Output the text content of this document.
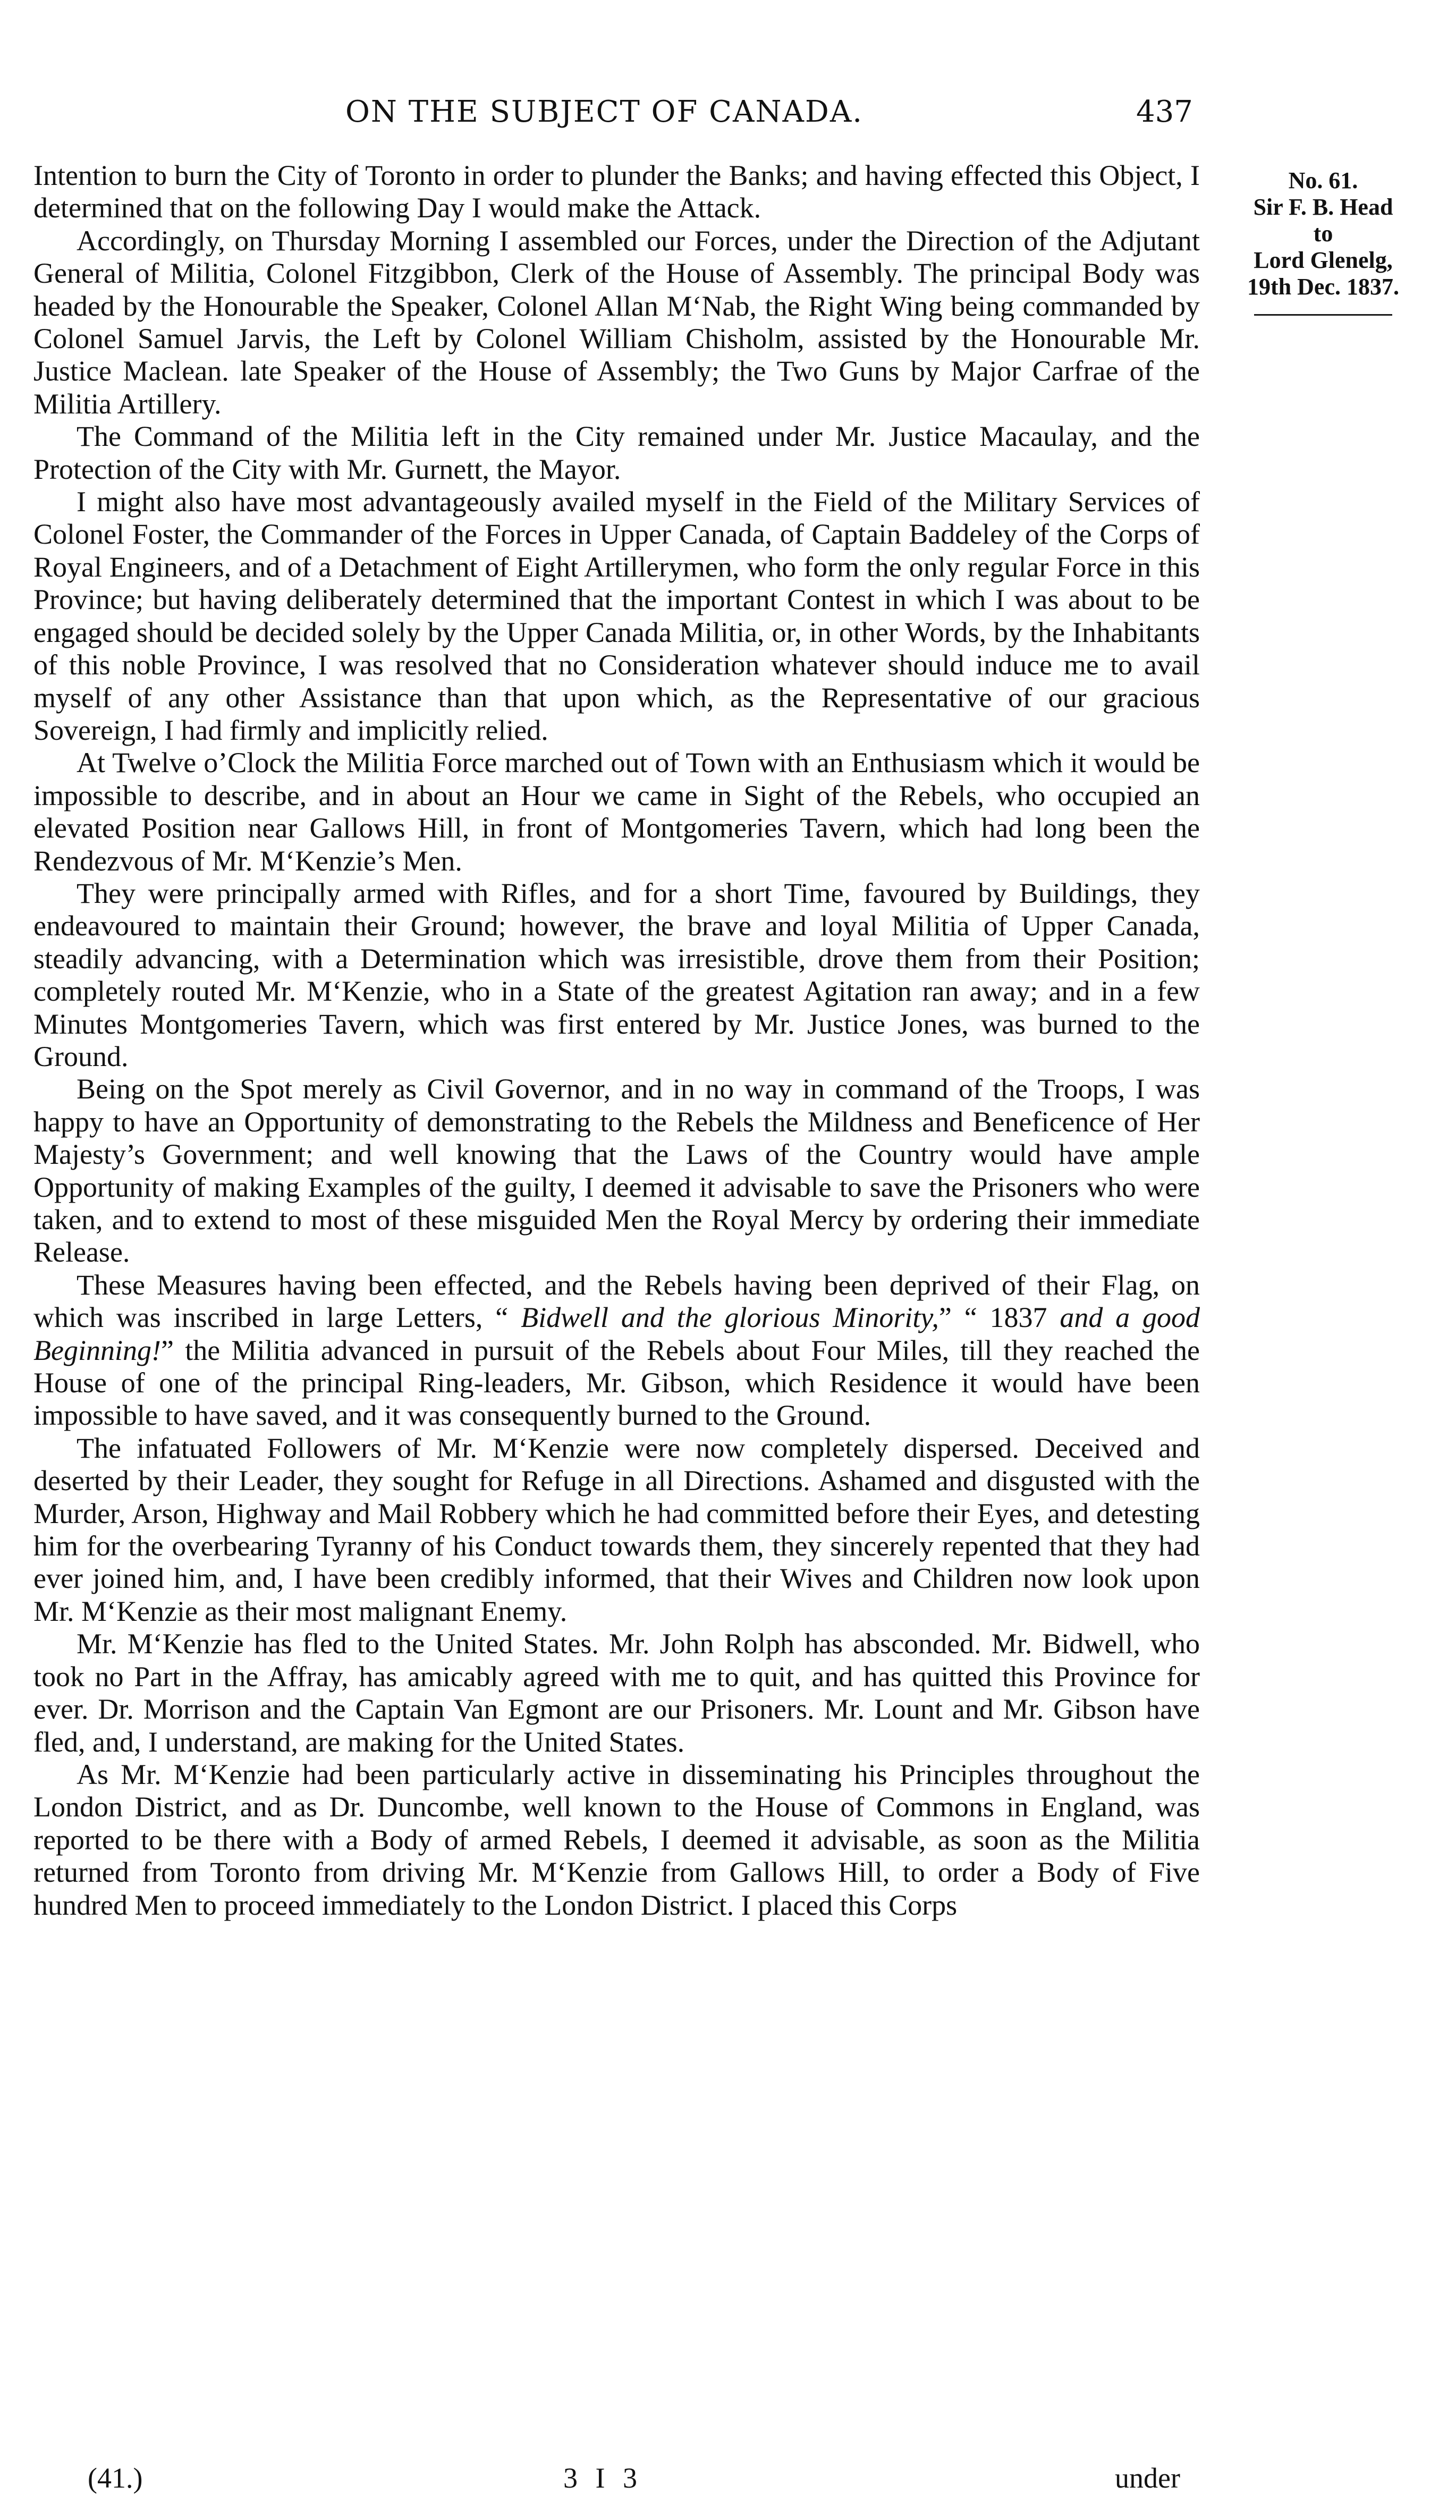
ON THE SUBJECT OF CANADA.	437

Intention to burn the City of Toronto in order to plunder the Banks; and having effected this Object, I determined that on the following Day I would make the Attack.

Accordingly, on Thursday Morning I assembled our Forces, under the Direction of the Adjutant General of Militia, Colonel Fitzgibbon, Clerk of the House of Assembly. The principal Body was headed by the Honourable the Speaker, Colonel Allan M‘Nab, the Right Wing being commanded by Colonel Samuel Jarvis, the Left by Colonel William Chisholm, assisted by the Honourable Mr. Justice Maclean. late Speaker of the House of Assembly; the Two Guns by Major Carfrae of the Militia Artillery.

The Command of the Militia left in the City remained under Mr. Justice Macaulay, and the Protection of the City with Mr. Gurnett, the Mayor.

I might also have most advantageously availed myself in the Field of the Military Services of Colonel Foster, the Commander of the Forces in Upper Canada, of Captain Baddeley of the Corps of Royal Engineers, and of a Detachment of Eight Artillerymen, who form the only regular Force in this Province; but having deliberately determined that the important Contest in which I was about to be engaged should be decided solely by the Upper Canada Militia, or, in other Words, by the Inhabitants of this noble Province, I was resolved that no Consideration whatever should induce me to avail myself of any other Assistance than that upon which, as the Representative of our gracious Sovereign, I had firmly and implicitly relied.

At Twelve o’Clock the Militia Force marched out of Town with an Enthusiasm which it would be impossible to describe, and in about an Hour we came in Sight of the Rebels, who occupied an elevated Position near Gallows Hill, in front of Montgomeries Tavern, which had long been the Rendezvous of Mr. M‘Kenzie’s Men.

They were principally armed with Rifles, and for a short Time, favoured by Buildings, they endeavoured to maintain their Ground; however, the brave and loyal Militia of Upper Canada, steadily advancing, with a Determination which was irresistible, drove them from their Position; completely routed Mr. M‘Kenzie, who in a State of the greatest Agitation ran away; and in a few Minutes Montgomeries Tavern, which was first entered by Mr. Justice Jones, was burned to the Ground.

Being on the Spot merely as Civil Governor, and in no way in command of the Troops, I was happy to have an Opportunity of demonstrating to the Rebels the Mildness and Beneficence of Her Majesty’s Government; and well knowing that the Laws of the Country would have ample Opportunity of making Examples of the guilty, I deemed it advisable to save the Prisoners who were taken, and to extend to most of these misguided Men the Royal Mercy by ordering their immediate Release.

These Measures having been effected, and the Rebels having been deprived of their Flag, on which was inscribed in large Letters, “ Bidwell and the glorious Minority,” “ 1837 and a good Beginning!” the Militia advanced in pursuit of the Rebels about Four Miles, till they reached the House of one of the principal Ring-leaders, Mr. Gibson, which Residence it would have been impossible to have saved, and it was consequently burned to the Ground.

The infatuated Followers of Mr. M‘Kenzie were now completely dispersed. Deceived and deserted by their Leader, they sought for Refuge in all Directions. Ashamed and disgusted with the Murder, Arson, Highway and Mail Robbery which he had committed before their Eyes, and detesting him for the overbearing Tyranny of his Conduct towards them, they sincerely repented that they had ever joined him, and, I have been credibly informed, that their Wives and Children now look upon Mr. M‘Kenzie as their most malignant Enemy.

Mr. M‘Kenzie has fled to the United States. Mr. John Rolph has absconded. Mr. Bidwell, who took no Part in the Affray, has amicably agreed with me to quit, and has quitted this Province for ever. Dr. Morrison and the Captain Van Egmont are our Prisoners. Mr. Lount and Mr. Gibson have fled, and, I understand, are making for the United States.

As Mr. M‘Kenzie had been particularly active in disseminating his Principles throughout the London District, and as Dr. Duncombe, well known to the House of Commons in England, was reported to be there with a Body of armed Rebels, I deemed it advisable, as soon as the Militia returned from Toronto from driving Mr. M‘Kenzie from Gallows Hill, to order a Body of Five hundred Men to proceed immediately to the London District. I placed this Corps

No. 61.
Sir F. B. Head
to
Lord Glenelg,
19th Dec. 1837.
(41.)	3 I 3	under
